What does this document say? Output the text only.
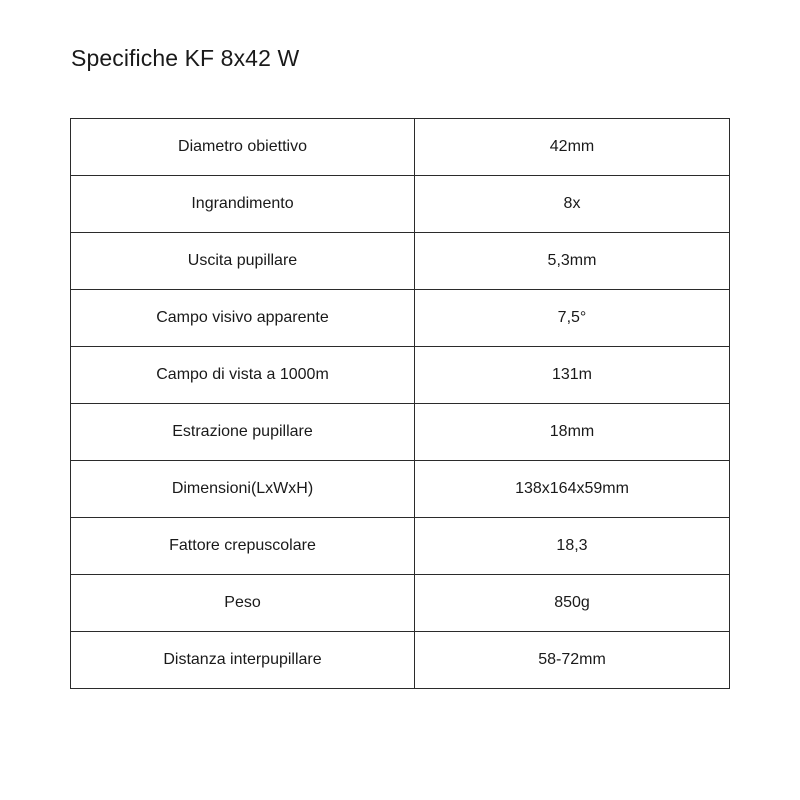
Specifiche KF 8x42 W
Diametro obiettivo	42mm
Ingrandimento	8x
Uscita pupillare	5,3mm
Campo visivo apparente	7,5°
Campo di vista a 1000m	131m
Estrazione pupillare	18mm
Dimensioni(LxWxH)	138x164x59mm
Fattore crepuscolare	18,3
Peso	850g
Distanza interpupillare	58-72mm
